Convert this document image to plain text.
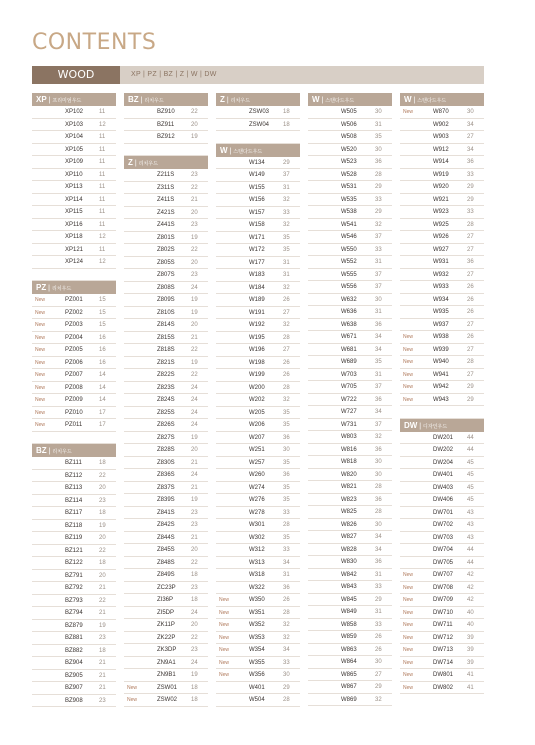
CONTENTS
WOOD	XP | PZ | BZ | Z | W | DW
XP | 프리미엄우드
XP102	11
XP103	12
XP104	11
XP105	11
XP109	11
XP110	11
XP113	11
XP114	11
XP115	11
XP116	11
XP118	12
XP121	11
XP124	12
PZ | 리치우드
New	PZ001	15
New	PZ002	15
New	PZ003	15
New	PZ004	16
New	PZ005	16
New	PZ006	16
New	PZ007	14
New	PZ008	14
New	PZ009	14
New	PZ010	17
New	PZ011	17
BZ | 리치우드
BZ111	18
BZ112	22
BZ113	20
BZ114	23
BZ117	18
BZ118	19
BZ119	20
BZ121	22
BZ122	18
BZ791	20
BZ792	21
BZ793	22
BZ794	21
BZ879	19
BZ881	23
BZ882	18
BZ904	21
BZ905	21
BZ907	21
BZ908	23
BZ | 리치우드
BZ910	22
BZ911	20
BZ912	19
Z | 리치우드
Z211S	23
Z311S	22
Z411S	21
Z421S	20
Z441S	23
Z801S	19
Z802S	22
Z805S	20
Z807S	23
Z808S	24
Z809S	19
Z810S	19
Z814S	20
Z815S	21
Z818S	22
Z821S	19
Z822S	22
Z823S	24
Z824S	24
Z825S	24
Z826S	24
Z827S	19
Z828S	20
Z830S	21
Z836S	24
Z837S	21
Z839S	19
Z841S	23
Z842S	23
Z844S	21
Z845S	20
Z848S	22
Z849S	18
ZC23P	23
ZI36P	18
ZI5DP	24
ZK11P	20
ZK22P	22
ZK3DP	23
ZN9A1	24
ZN9B1	19
New	ZSW01	18
New	ZSW02	18
Z | 리치우드
ZSW03	18
ZSW04	18
W | 스탠다드우드
W134	29
W149	37
W155	31
W156	32
W157	33
W158	32
W171	35
W172	35
W177	31
W183	31
W184	32
W189	26
W191	27
W192	32
W195	28
W196	27
W198	26
W199	26
W200	28
W202	32
W205	35
W206	35
W207	36
W251	30
W257	35
W260	36
W274	35
W276	35
W278	33
W301	28
W302	35
W312	33
W313	34
W318	31
W322	36
New	W350	26
New	W351	28
New	W352	32
New	W353	32
New	W354	34
New	W355	33
New	W356	30
W401	29
W504	28
W | 스탠다드우드
W505	30
W506	31
W508	35
W520	30
W523	36
W528	28
W531	29
W535	33
W538	29
W541	32
W546	37
W550	33
W552	31
W555	37
W556	37
W632	30
W636	31
W638	36
W671	34
W681	34
W689	35
W703	31
W705	37
W722	36
W727	34
W731	37
W803	32
W816	36
W818	30
W820	30
W821	28
W823	36
W825	28
W826	30
W827	34
W828	34
W830	36
W842	31
W843	33
W845	29
W849	31
W858	33
W859	26
W863	26
W864	30
W865	27
W867	29
W869	32
W | 스탠다드우드
New	W870	30
W902	34
W903	27
W912	34
W914	36
W919	33
W920	29
W921	29
W923	33
W925	28
W926	27
W927	27
W931	36
W932	27
W933	26
W934	26
W935	26
W937	27
New	W938	26
New	W939	27
New	W940	28
New	W941	27
New	W942	29
New	W943	29
DW | 디자인우드
DW201	44
DW202	44
DW204	45
DW401	45
DW403	45
DW406	45
DW701	43
DW702	43
DW703	43
DW704	44
DW705	44
New	DW707	42
New	DW708	42
New	DW709	42
New	DW710	40
New	DW711	40
New	DW712	39
New	DW713	39
New	DW714	39
New	DW801	41
New	DW802	41
